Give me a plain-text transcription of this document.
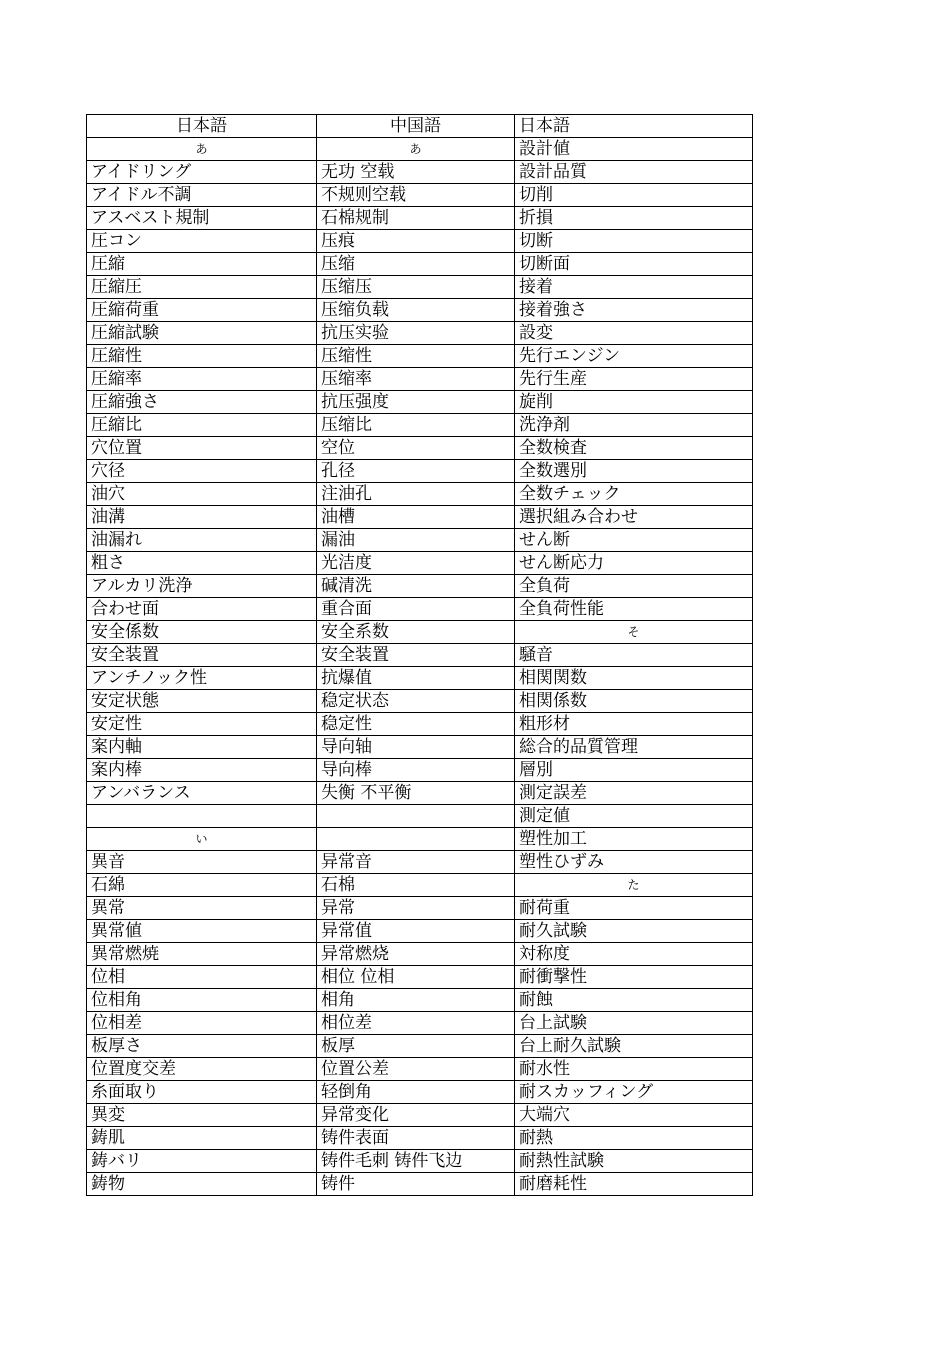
日本語	中国語	日本語
あ	あ	設計値
アイドリング	无功 空载	設計品質
アイドル不調	不规则空载	切削
アスベスト規制	石棉规制	折損
圧コン	压痕	切断
圧縮	压缩	切断面
圧縮圧	压缩压	接着
圧縮荷重	压缩负载	接着強さ
圧縮試験	抗压实验	設変
圧縮性	压缩性	先行エンジン
圧縮率	压缩率	先行生産
圧縮強さ	抗压强度	旋削
圧縮比	压缩比	洗浄剤
穴位置	空位	全数検査
穴径	孔径	全数選別
油穴	注油孔	全数チェック
油溝	油槽	選択組み合わせ
油漏れ	漏油	せん断
粗さ	光洁度	せん断応力
アルカリ洗浄	碱清洗	全負荷
合わせ面	重合面	全負荷性能
安全係数	安全系数	そ
安全装置	安全装置	騒音
アンチノック性	抗爆值	相関関数
安定状態	稳定状态	相関係数
安定性	稳定性	粗形材
案内軸	导向轴	総合的品質管理
案内棒	导向棒	層別
アンバランス	失衡 不平衡	測定誤差
		測定値
い		塑性加工
異音	异常音	塑性ひずみ
石綿	石棉	た
異常	异常	耐荷重
異常値	异常值	耐久試験
異常燃焼	异常燃烧	対称度
位相	相位 位相	耐衝撃性
位相角	相角	耐蝕
位相差	相位差	台上試験
板厚さ	板厚	台上耐久試験
位置度交差	位置公差	耐水性
糸面取り	轻倒角	耐スカッフィング
異変	异常变化	大端穴
鋳肌	铸件表面	耐熱
鋳バリ	铸件毛刺 铸件飞边	耐熱性試験
鋳物	铸件	耐磨耗性
